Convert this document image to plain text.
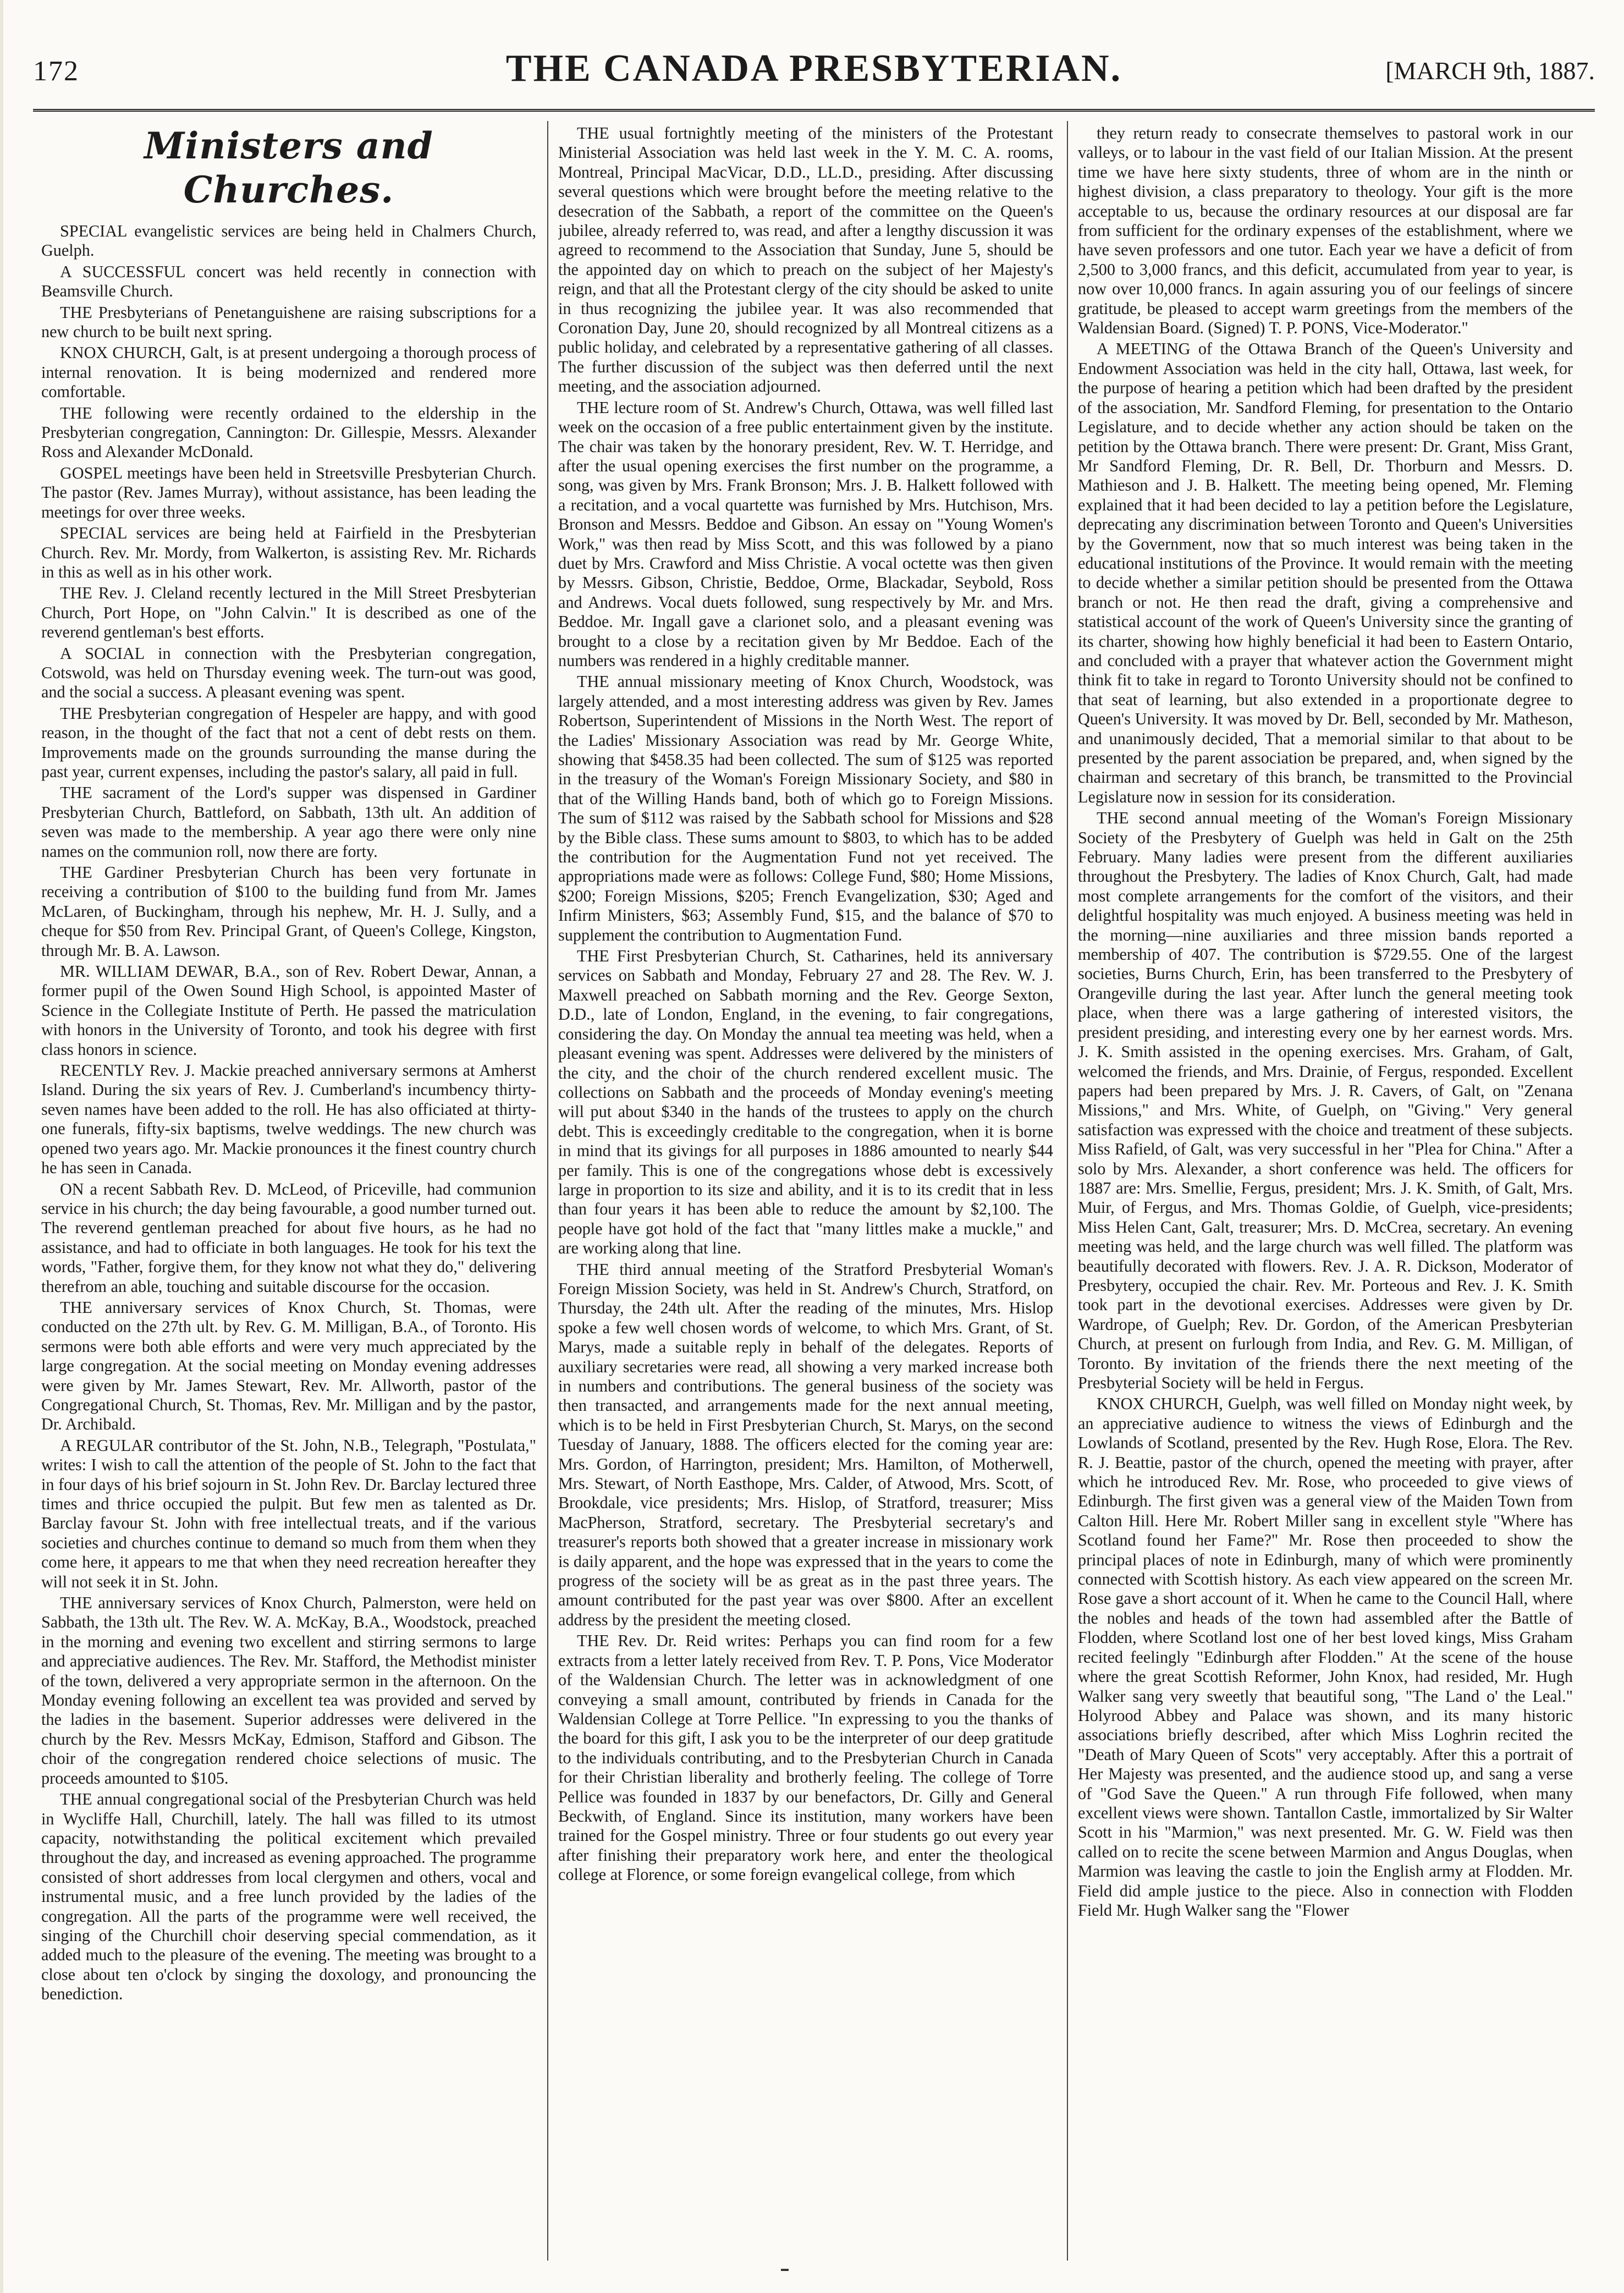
172	THE CANADA PRESBYTERIAN.	[MARCH 9th, 1887.
Ministers and Churches.

SPECIAL evangelistic services are being held in Chalmers Church, Guelph.

A SUCCESSFUL concert was held recently in connection with Beamsville Church.

THE Presbyterians of Penetanguishene are raising subscriptions for a new church to be built next spring.

KNOX CHURCH, Galt, is at present undergoing a thorough process of internal renovation. It is being modernized and rendered more comfortable.

THE following were recently ordained to the eldership in the Presbyterian congregation, Cannington: Dr. Gillespie, Messrs. Alexander Ross and Alexander McDonald.

GOSPEL meetings have been held in Streetsville Presbyterian Church. The pastor (Rev. James Murray), without assistance, has been leading the meetings for over three weeks.

SPECIAL services are being held at Fairfield in the Presbyterian Church. Rev. Mr. Mordy, from Walkerton, is assisting Rev. Mr. Richards in this as well as in his other work.

THE Rev. J. Cleland recently lectured in the Mill Street Presbyterian Church, Port Hope, on "John Calvin." It is described as one of the reverend gentleman's best efforts.

A SOCIAL in connection with the Presbyterian congregation, Cotswold, was held on Thursday evening week. The turn-out was good, and the social a success. A pleasant evening was spent.

THE Presbyterian congregation of Hespeler are happy, and with good reason, in the thought of the fact that not a cent of debt rests on them. Improvements made on the grounds surrounding the manse during the past year, current expenses, including the pastor's salary, all paid in full.

THE sacrament of the Lord's supper was dispensed in Gardiner Presbyterian Church, Battleford, on Sabbath, 13th ult. An addition of seven was made to the membership. A year ago there were only nine names on the communion roll, now there are forty.

THE Gardiner Presbyterian Church has been very fortunate in receiving a contribution of $100 to the building fund from Mr. James McLaren, of Buckingham, through his nephew, Mr. H. J. Sully, and a cheque for $50 from Rev. Principal Grant, of Queen's College, Kingston, through Mr. B. A. Lawson.

MR. WILLIAM DEWAR, B.A., son of Rev. Robert Dewar, Annan, a former pupil of the Owen Sound High School, is appointed Master of Science in the Collegiate Institute of Perth. He passed the matriculation with honors in the University of Toronto, and took his degree with first class honors in science.

RECENTLY Rev. J. Mackie preached anniversary sermons at Amherst Island. During the six years of Rev. J. Cumberland's incumbency thirty-seven names have been added to the roll. He has also officiated at thirty-one funerals, fifty-six baptisms, twelve weddings. The new church was opened two years ago. Mr. Mackie pronounces it the finest country church he has seen in Canada.

ON a recent Sabbath Rev. D. McLeod, of Priceville, had communion service in his church; the day being favourable, a good number turned out. The reverend gentleman preached for about five hours, as he had no assistance, and had to officiate in both languages. He took for his text the words, "Father, forgive them, for they know not what they do," delivering therefrom an able, touching and suitable discourse for the occasion.

THE anniversary services of Knox Church, St. Thomas, were conducted on the 27th ult. by Rev. G. M. Milligan, B.A., of Toronto. His sermons were both able efforts and were very much appreciated by the large congregation. At the social meeting on Monday evening addresses were given by Mr. James Stewart, Rev. Mr. Allworth, pastor of the Congregational Church, St. Thomas, Rev. Mr. Milligan and by the pastor, Dr. Archibald.

A REGULAR contributor of the St. John, N.B., Telegraph, "Postulata," writes: I wish to call the attention of the people of St. John to the fact that in four days of his brief sojourn in St. John Rev. Dr. Barclay lectured three times and thrice occupied the pulpit. But few men as talented as Dr. Barclay favour St. John with free intellectual treats, and if the various societies and churches continue to demand so much from them when they come here, it appears to me that when they need recreation hereafter they will not seek it in St. John.

THE anniversary services of Knox Church, Palmerston, were held on Sabbath, the 13th ult. The Rev. W. A. McKay, B.A., Woodstock, preached in the morning and evening two excellent and stirring sermons to large and appreciative audiences. The Rev. Mr. Stafford, the Methodist minister of the town, delivered a very appropriate sermon in the afternoon. On the Monday evening following an excellent tea was provided and served by the ladies in the basement. Superior addresses were delivered in the church by the Rev. Messrs McKay, Edmison, Stafford and Gibson. The choir of the congregation rendered choice selections of music. The proceeds amounted to $105.

THE annual congregational social of the Presbyterian Church was held in Wycliffe Hall, Churchill, lately. The hall was filled to its utmost capacity, notwithstanding the political excitement which prevailed throughout the day, and increased as evening approached. The programme consisted of short addresses from local clergymen and others, vocal and instrumental music, and a free lunch provided by the ladies of the congregation. All the parts of the programme were well received, the singing of the Churchill choir deserving special commendation, as it added much to the pleasure of the evening. The meeting was brought to a close about ten o'clock by singing the doxology, and pronouncing the benediction.

THE usual fortnightly meeting of the ministers of the Protestant Ministerial Association was held last week in the Y. M. C. A. rooms, Montreal, Principal MacVicar, D.D., LL.D., presiding. After discussing several questions which were brought before the meeting relative to the desecration of the Sabbath, a report of the committee on the Queen's jubilee, already referred to, was read, and after a lengthy discussion it was agreed to recommend to the Association that Sunday, June 5, should be the appointed day on which to preach on the subject of her Majesty's reign, and that all the Protestant clergy of the city should be asked to unite in thus recognizing the jubilee year. It was also recommended that Coronation Day, June 20, should recognized by all Montreal citizens as a public holiday, and celebrated by a representative gathering of all classes. The further discussion of the subject was then deferred until the next meeting, and the association adjourned.

THE lecture room of St. Andrew's Church, Ottawa, was well filled last week on the occasion of a free public entertainment given by the institute. The chair was taken by the honorary president, Rev. W. T. Herridge, and after the usual opening exercises the first number on the programme, a song, was given by Mrs. Frank Bronson; Mrs. J. B. Halkett followed with a recitation, and a vocal quartette was furnished by Mrs. Hutchison, Mrs. Bronson and Messrs. Beddoe and Gibson. An essay on "Young Women's Work," was then read by Miss Scott, and this was followed by a piano duet by Mrs. Crawford and Miss Christie. A vocal octette was then given by Messrs. Gibson, Christie, Beddoe, Orme, Blackadar, Seybold, Ross and Andrews. Vocal duets followed, sung respectively by Mr. and Mrs. Beddoe. Mr. Ingall gave a clarionet solo, and a pleasant evening was brought to a close by a recitation given by Mr Beddoe. Each of the numbers was rendered in a highly creditable manner.

THE annual missionary meeting of Knox Church, Woodstock, was largely attended, and a most interesting address was given by Rev. James Robertson, Superintendent of Missions in the North West. The report of the Ladies' Missionary Association was read by Mr. George White, showing that $458.35 had been collected. The sum of $125 was reported in the treasury of the Woman's Foreign Missionary Society, and $80 in that of the Willing Hands band, both of which go to Foreign Missions. The sum of $112 was raised by the Sabbath school for Missions and $28 by the Bible class. These sums amount to $803, to which has to be added the contribution for the Augmentation Fund not yet received. The appropriations made were as follows: College Fund, $80; Home Missions, $200; Foreign Missions, $205; French Evangelization, $30; Aged and Infirm Ministers, $63; Assembly Fund, $15, and the balance of $70 to supplement the contribution to Augmentation Fund.

THE First Presbyterian Church, St. Catharines, held its anniversary services on Sabbath and Monday, February 27 and 28. The Rev. W. J. Maxwell preached on Sabbath morning and the Rev. George Sexton, D.D., late of London, England, in the evening, to fair congregations, considering the day. On Monday the annual tea meeting was held, when a pleasant evening was spent. Addresses were delivered by the ministers of the city, and the choir of the church rendered excellent music. The collections on Sabbath and the proceeds of Monday evening's meeting will put about $340 in the hands of the trustees to apply on the church debt. This is exceedingly creditable to the congregation, when it is borne in mind that its givings for all purposes in 1886 amounted to nearly $44 per family. This is one of the congregations whose debt is excessively large in proportion to its size and ability, and it is to its credit that in less than four years it has been able to reduce the amount by $2,100. The people have got hold of the fact that "many littles make a muckle," and are working along that line.

THE third annual meeting of the Stratford Presbyterial Woman's Foreign Mission Society, was held in St. Andrew's Church, Stratford, on Thursday, the 24th ult. After the reading of the minutes, Mrs. Hislop spoke a few well chosen words of welcome, to which Mrs. Grant, of St. Marys, made a suitable reply in behalf of the delegates. Reports of auxiliary secretaries were read, all showing a very marked increase both in numbers and contributions. The general business of the society was then transacted, and arrangements made for the next annual meeting, which is to be held in First Presbyterian Church, St. Marys, on the second Tuesday of January, 1888. The officers elected for the coming year are: Mrs. Gordon, of Harrington, president; Mrs. Hamilton, of Motherwell, Mrs. Stewart, of North Easthope, Mrs. Calder, of Atwood, Mrs. Scott, of Brookdale, vice presidents; Mrs. Hislop, of Stratford, treasurer; Miss MacPherson, Stratford, secretary. The Presbyterial secretary's and treasurer's reports both showed that a greater increase in missionary work is daily apparent, and the hope was expressed that in the years to come the progress of the society will be as great as in the past three years. The amount contributed for the past year was over $800. After an excellent address by the president the meeting closed.

THE Rev. Dr. Reid writes: Perhaps you can find room for a few extracts from a letter lately received from Rev. T. P. Pons, Vice Moderator of the Waldensian Church. The letter was in acknowledgment of one conveying a small amount, contributed by friends in Canada for the Waldensian College at Torre Pellice. "In expressing to you the thanks of the board for this gift, I ask you to be the interpreter of our deep gratitude to the individuals contributing, and to the Presbyterian Church in Canada for their Christian liberality and brotherly feeling. The college of Torre Pellice was founded in 1837 by our benefactors, Dr. Gilly and General Beckwith, of England. Since its institution, many workers have been trained for the Gospel ministry. Three or four students go out every year after finishing their preparatory work here, and enter the theological college at Florence, or some foreign evangelical college, from which

they return ready to consecrate themselves to pastoral work in our valleys, or to labour in the vast field of our Italian Mission. At the present time we have here sixty students, three of whom are in the ninth or highest division, a class preparatory to theology. Your gift is the more acceptable to us, because the ordinary resources at our disposal are far from sufficient for the ordinary expenses of the establishment, where we have seven professors and one tutor. Each year we have a deficit of from 2,500 to 3,000 francs, and this deficit, accumulated from year to year, is now over 10,000 francs. In again assuring you of our feelings of sincere gratitude, be pleased to accept warm greetings from the members of the Waldensian Board. (Signed) T. P. PONS, Vice-Moderator."

A MEETING of the Ottawa Branch of the Queen's University and Endowment Association was held in the city hall, Ottawa, last week, for the purpose of hearing a petition which had been drafted by the president of the association, Mr. Sandford Fleming, for presentation to the Ontario Legislature, and to decide whether any action should be taken on the petition by the Ottawa branch. There were present: Dr. Grant, Miss Grant, Mr Sandford Fleming, Dr. R. Bell, Dr. Thorburn and Messrs. D. Mathieson and J. B. Halkett. The meeting being opened, Mr. Fleming explained that it had been decided to lay a petition before the Legislature, deprecating any discrimination between Toronto and Queen's Universities by the Government, now that so much interest was being taken in the educational institutions of the Province. It would remain with the meeting to decide whether a similar petition should be presented from the Ottawa branch or not. He then read the draft, giving a comprehensive and statistical account of the work of Queen's University since the granting of its charter, showing how highly beneficial it had been to Eastern Ontario, and concluded with a prayer that whatever action the Government might think fit to take in regard to Toronto University should not be confined to that seat of learning, but also extended in a proportionate degree to Queen's University. It was moved by Dr. Bell, seconded by Mr. Matheson, and unanimously decided, That a memorial similar to that about to be presented by the parent association be prepared, and, when signed by the chairman and secretary of this branch, be transmitted to the Provincial Legislature now in session for its consideration.

THE second annual meeting of the Woman's Foreign Missionary Society of the Presbytery of Guelph was held in Galt on the 25th February. Many ladies were present from the different auxiliaries throughout the Presbytery. The ladies of Knox Church, Galt, had made most complete arrangements for the comfort of the visitors, and their delightful hospitality was much enjoyed. A business meeting was held in the morning—nine auxiliaries and three mission bands reported a membership of 407. The contribution is $729.55. One of the largest societies, Burns Church, Erin, has been transferred to the Presbytery of Orangeville during the last year. After lunch the general meeting took place, when there was a large gathering of interested visitors, the president presiding, and interesting every one by her earnest words. Mrs. J. K. Smith assisted in the opening exercises. Mrs. Graham, of Galt, welcomed the friends, and Mrs. Drainie, of Fergus, responded. Excellent papers had been prepared by Mrs. J. R. Cavers, of Galt, on "Zenana Missions," and Mrs. White, of Guelph, on "Giving." Very general satisfaction was expressed with the choice and treatment of these subjects. Miss Rafield, of Galt, was very successful in her "Plea for China." After a solo by Mrs. Alexander, a short conference was held. The officers for 1887 are: Mrs. Smellie, Fergus, president; Mrs. J. K. Smith, of Galt, Mrs. Muir, of Fergus, and Mrs. Thomas Goldie, of Guelph, vice-presidents; Miss Helen Cant, Galt, treasurer; Mrs. D. McCrea, secretary. An evening meeting was held, and the large church was well filled. The platform was beautifully decorated with flowers. Rev. J. A. R. Dickson, Moderator of Presbytery, occupied the chair. Rev. Mr. Porteous and Rev. J. K. Smith took part in the devotional exercises. Addresses were given by Dr. Wardrope, of Guelph; Rev. Dr. Gordon, of the American Presbyterian Church, at present on furlough from India, and Rev. G. M. Milligan, of Toronto. By invitation of the friends there the next meeting of the Presbyterial Society will be held in Fergus.

KNOX CHURCH, Guelph, was well filled on Monday night week, by an appreciative audience to witness the views of Edinburgh and the Lowlands of Scotland, presented by the Rev. Hugh Rose, Elora. The Rev. R. J. Beattie, pastor of the church, opened the meeting with prayer, after which he introduced Rev. Mr. Rose, who proceeded to give views of Edinburgh. The first given was a general view of the Maiden Town from Calton Hill. Here Mr. Robert Miller sang in excellent style "Where has Scotland found her Fame?" Mr. Rose then proceeded to show the principal places of note in Edinburgh, many of which were prominently connected with Scottish history. As each view appeared on the screen Mr. Rose gave a short account of it. When he came to the Council Hall, where the nobles and heads of the town had assembled after the Battle of Flodden, where Scotland lost one of her best loved kings, Miss Graham recited feelingly "Edinburgh after Flodden." At the scene of the house where the great Scottish Reformer, John Knox, had resided, Mr. Hugh Walker sang very sweetly that beautiful song, "The Land o' the Leal." Holyrood Abbey and Palace was shown, and its many historic associations briefly described, after which Miss Loghrin recited the "Death of Mary Queen of Scots" very acceptably. After this a portrait of Her Majesty was presented, and the audience stood up, and sang a verse of "God Save the Queen." A run through Fife followed, when many excellent views were shown. Tantallon Castle, immortalized by Sir Walter Scott in his "Marmion," was next presented. Mr. G. W. Field was then called on to recite the scene between Marmion and Angus Douglas, when Marmion was leaving the castle to join the English army at Flodden. Mr. Field did ample justice to the piece. Also in connection with Flodden Field Mr. Hugh Walker sang the "Flower
